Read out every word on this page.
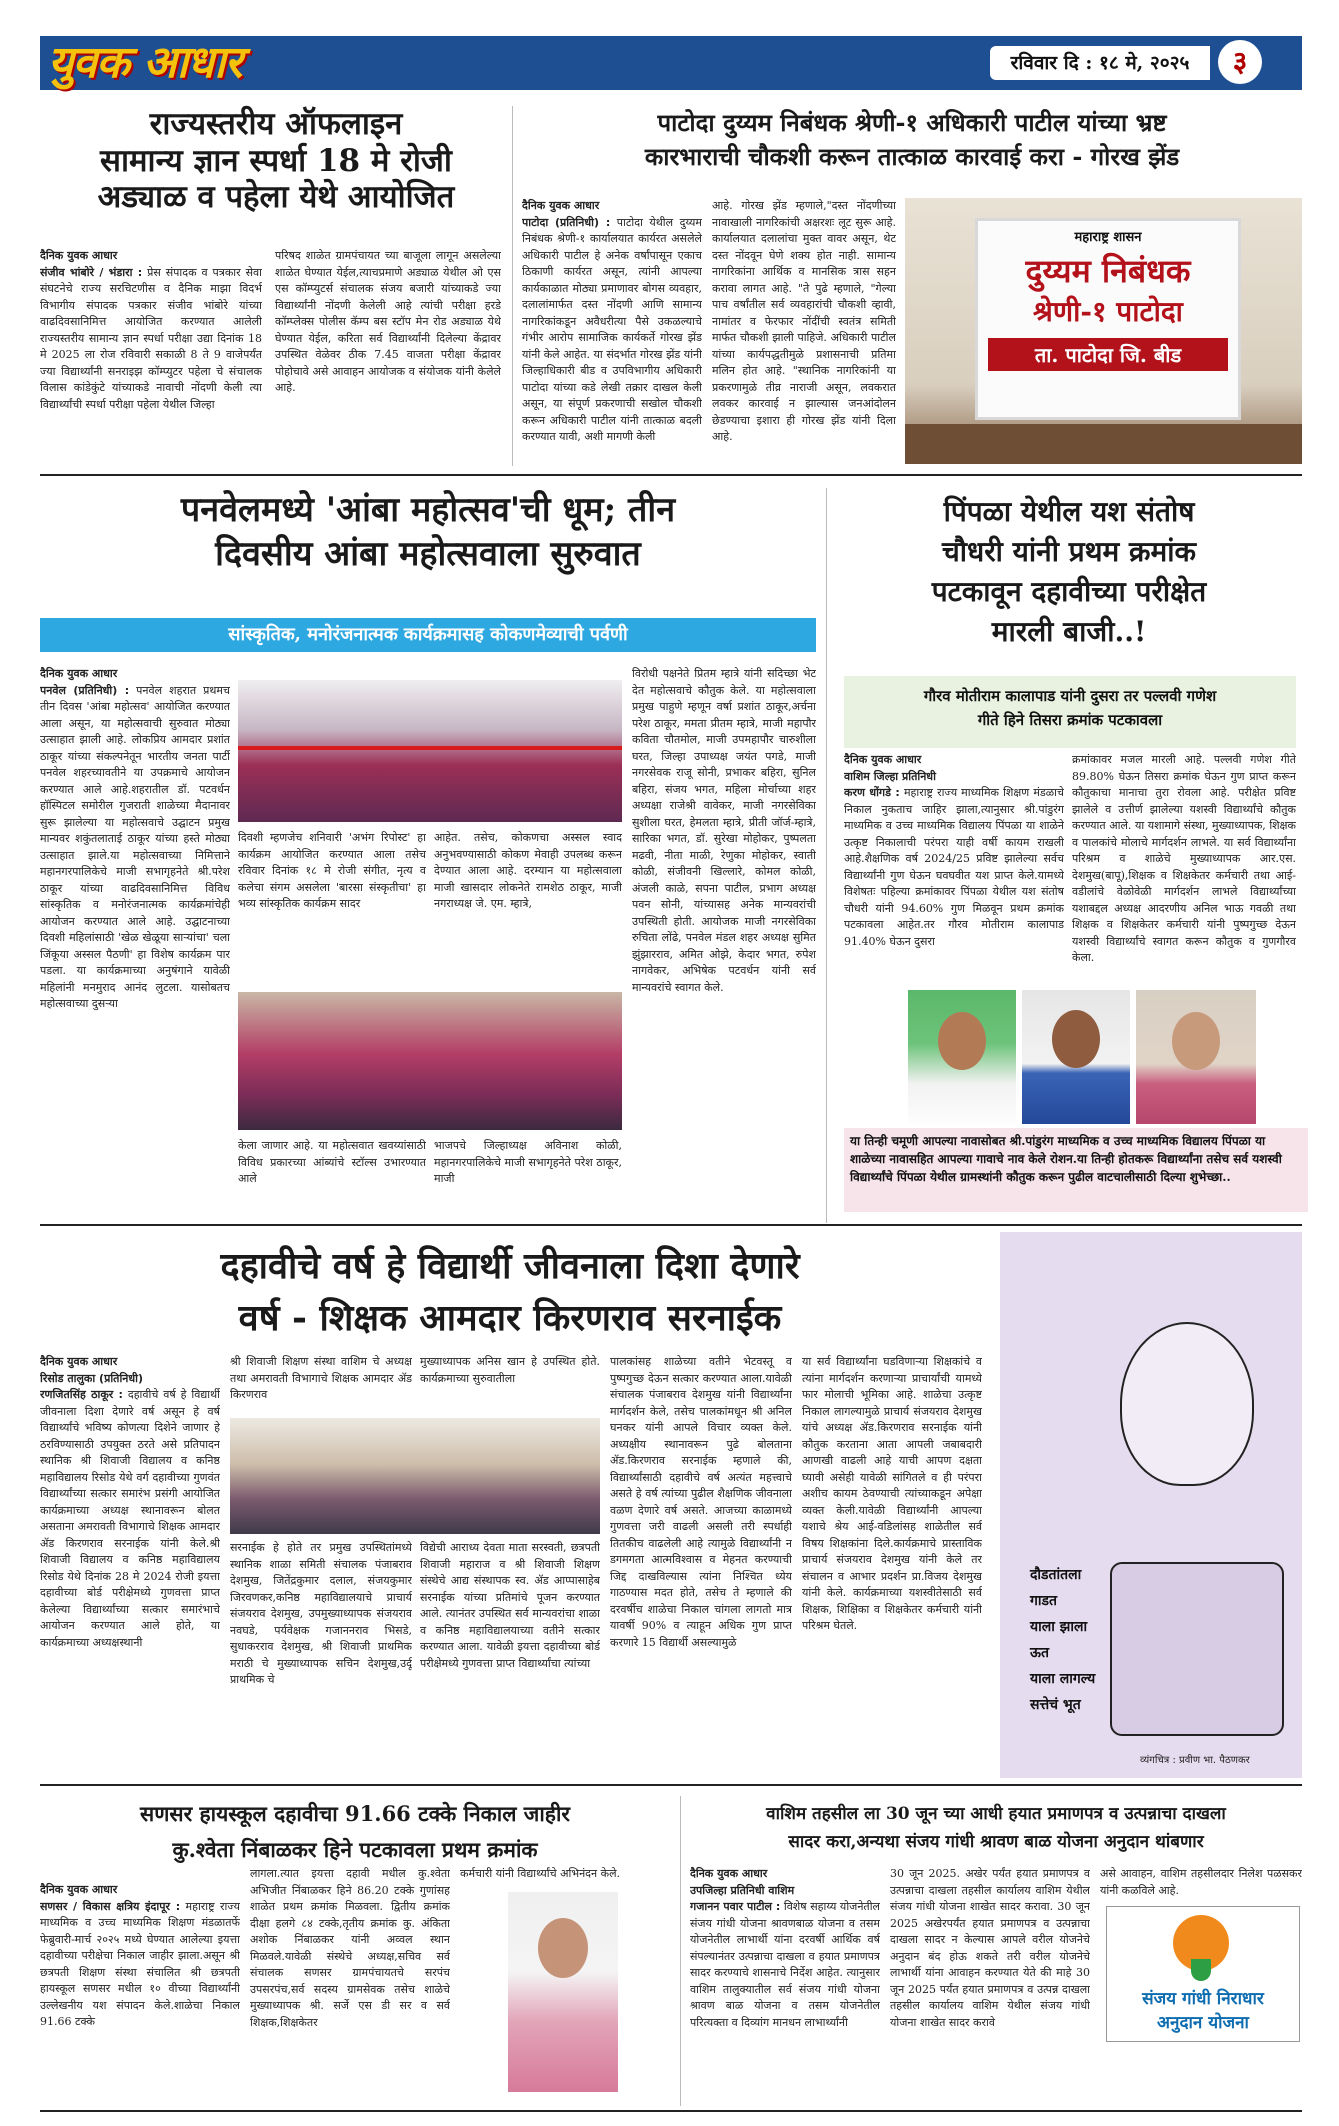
युवक आधार	रविवार दि : १८ मे, २०२५	३
राज्यस्तरीय ऑफलाइन
सामान्य ज्ञान स्पर्धा 18 मे रोजी
अड्याळ व पहेला येथे आयोजित
दैनिक युवक आधार
संजीव भांबोरे / भंडारा : प्रेस संपादक व पत्रकार सेवा संघटनेचे राज्य सरचिटणीस व दैनिक माझा विदर्भ विभागीय संपादक पत्रकार संजीव भांबोरे यांच्या वाढदिवसानिमित्त आयोजित करण्यात आलेली राज्यस्तरीय सामान्य ज्ञान स्पर्धा परीक्षा उद्या दिनांक 18 मे 2025 ला रोज रविवारी सकाळी 8 ते 9 वाजेपर्यंत ज्या विद्यार्थ्यांनी सनराइझ कॉम्प्युटर पहेला चे संचालक विलास कांडेकुंटे यांच्याकडे नावाची नोंदणी केली त्या विद्यार्थ्यांची स्पर्धा परीक्षा पहेला येथील जिल्हा
परिषद शाळेत ग्रामपंचायत च्या बाजूला लागून असलेल्या शाळेत घेण्यात येईल,त्याचप्रमाणे अड्याळ येथील ओ एस एस कॉम्प्युटर्स संचालक संजय बजारी यांच्याकडे ज्या विद्यार्थ्यांनी नोंदणी केलेली आहे त्यांची परीक्षा हरडे कॉम्प्लेक्स पोलीस कॅम्प बस स्टॉप मेन रोड अड्याळ येथे घेण्यात येईल, करिता सर्व विद्यार्थ्यांनी दिलेल्या केंद्रावर उपस्थित वेळेवर ठीक 7.45 वाजता परीक्षा केंद्रावर पोहोचावे असे आवाहन आयोजक व संयोजक यांनी केलेले आहे.
पाटोदा दुय्यम निबंधक श्रेणी-१ अधिकारी पाटील यांच्या भ्रष्ट
कारभाराची चौकशी करून तात्काळ कारवाई करा - गोरख झेंड
दैनिक युवक आधार
पाटोदा (प्रतिनिधी) : पाटोदा येथील दुय्यम निबंधक श्रेणी-१ कार्यालयात कार्यरत असलेले अधिकारी पाटील हे अनेक वर्षांपासून एकाच ठिकाणी कार्यरत असून, त्यांनी आपल्या कार्यकाळात मोठ्या प्रमाणावर बोगस व्यवहार, दलालांमार्फत दस्त नोंदणी आणि सामान्य नागरिकांकडून अवैधरीत्या पैसे उकळल्याचे गंभीर आरोप सामाजिक कार्यकर्ते गोरख झेंड यांनी केले आहेत. या संदर्भात गोरख झेंड यांनी जिल्हाधिकारी बीड व उपविभागीय अधिकारी पाटोदा यांच्या कडे लेखी तक्रार दाखल केली असून, या संपूर्ण प्रकरणाची सखोल चौकशी करून अधिकारी पाटील यांनी तात्काळ बदली करण्यात यावी, अशी मागणी केली
आहे. गोरख झेंड म्हणाले,"दस्त नोंदणीच्या नावाखाली नागरिकांची अक्षरशः लूट सुरू आहे. कार्यालयात दलालांचा मुक्त वावर असून, थेट दस्त नोंदवून घेणे शक्य होत नाही. सामान्य नागरिकांना आर्थिक व मानसिक त्रास सहन करावा लागत आहे. "ते पुढे म्हणाले, "गेल्या पाच वर्षांतील सर्व व्यवहारांची चौकशी व्हावी, नामांतर व फेरफार नोंदींची स्वतंत्र समिती मार्फत चौकशी झाली पाहिजे. अधिकारी पाटील यांच्या कार्यपद्धतीमुळे प्रशासनाची प्रतिमा मलिन होत आहे. "स्थानिक नागरिकांनी या प्रकरणामुळे तीव्र नाराजी असून, लवकरात लवकर कारवाई न झाल्यास जनआंदोलन छेडण्याचा इशारा ही गोरख झेंड यांनी दिला आहे.
महाराष्ट्र शासन
दुय्यम निबंधक
श्रेणी-१ पाटोदा
ता. पाटोदा जि. बीड
पनवेलमध्ये 'आंबा महोत्सव'ची धूम; तीन
दिवसीय आंबा महोत्सवाला सुरुवात
सांस्कृतिक, मनोरंजनात्मक कार्यक्रमासह कोकणमेव्याची पर्वणी
दैनिक युवक आधार
पनवेल (प्रतिनिधी) : पनवेल शहरात प्रथमच तीन दिवस 'आंबा महोत्सव' आयोजित करण्यात आला असून, या महोत्सवाची सुरुवात मोठ्या उत्साहात झाली आहे. लोकप्रिय आमदार प्रशांत ठाकूर यांच्या संकल्पनेतून भारतीय जनता पार्टी पनवेल शहरच्यावतीने या उपक्रमाचे आयोजन करण्यात आले आहे.शहरातील डॉ. पटवर्धन हॉस्पिटल समोरील गुजराती शाळेच्या मैदानावर सुरू झालेल्या या महोत्सवाचे उद्घाटन प्रमुख मान्यवर शकुंतलाताई ठाकूर यांच्या हस्ते मोठ्या उत्साहात झाले.या महोत्सवाच्या निमित्ताने महानगरपालिकेचे माजी सभागृहनेते श्री.परेश ठाकूर यांच्या वाढदिवसानिमित्त विविध सांस्कृतिक व मनोरंजनात्मक कार्यक्रमांचेही आयोजन करण्यात आले आहे. उद्घाटनाच्या दिवशी महिलांसाठी 'खेळ खेळूया साऱ्यांचा' चला जिंकूया अस्सल पैठणी' हा विशेष कार्यक्रम पार पडला. या कार्यक्रमाच्या अनुषंगाने यावेळी महिलांनी मनमुराद आनंद लुटला. यासोबतच महोत्सवाच्या दुसऱ्या
दिवशी म्हणजेच शनिवारी 'अभंग रिपोस्ट' हा कार्यक्रम आयोजित करण्यात आला तसेच रविवार दिनांक १८ मे रोजी संगीत, नृत्य व कलेचा संगम असलेला 'बारसा संस्कृतीचा' हा भव्य सांस्कृतिक कार्यक्रम सादर
आहेत. तसेच, कोकणचा अस्सल स्वाद अनुभवण्यासाठी कोकण मेवाही उपलब्ध करून देण्यात आला आहे. दरम्यान या महोत्सवाला माजी खासदार लोकनेते रामशेठ ठाकूर, माजी नगराध्यक्ष जे. एम. म्हात्रे,
केला जाणार आहे. या महोत्सवात खवय्यांसाठी विविध प्रकारच्या आंब्यांचे स्टॉल्स उभारण्यात आले
भाजपचे जिल्हाध्यक्ष अविनाश कोळी, महानगरपालिकेचे माजी सभागृहनेते परेश ठाकूर, माजी
विरोधी पक्षनेते प्रितम म्हात्रे यांनी सदिच्छा भेट देत महोत्सवाचे कौतुक केले. या महोत्सवाला प्रमुख पाहुणे म्हणून वर्षा प्रशांत ठाकूर,अर्चना परेश ठाकूर, ममता प्रीतम म्हात्रे, माजी महापौर कविता चौतमोल, माजी उपमहापौर चारुशीला घरत, जिल्हा उपाध्यक्ष जयंत पगडे, माजी नगरसेवक राजू सोनी, प्रभाकर बहिरा, सुनिल बहिरा, संजय भगत, महिला मोर्चाच्या शहर अध्यक्षा राजेश्री वावेकर, माजी नगरसेविका सुशीला घरत, हेमलता म्हात्रे, प्रीती जॉर्ज-म्हात्रे, सारिका भगत, डॉ. सुरेखा मोहोकर, पुष्पलता मढवी, नीता माळी, रेणुका मोहोकर, स्वाती कोळी, संजीवनी खिल्लारे, कोमल कोळी, अंजली काळे, सपना पाटील, प्रभाग अध्यक्ष पवन सोनी, यांच्यासह अनेक मान्यवरांची उपस्थिती होती. आयोजक माजी नगरसेविका रुचिता लोंढे, पनवेल मंडल शहर अध्यक्ष सुमित झुंझारराव, अमित ओझे, केदार भगत, रुपेश नागवेकर, अभिषेक पटवर्धन यांनी सर्व मान्यवरांचे स्वागत केले.
पिंपळा येथील यश संतोष
चौधरी यांनी प्रथम क्रमांक
पटकावून दहावीच्या परीक्षेत
मारली बाजी..!
गौरव मोतीराम कालापाड यांनी दुसरा तर पल्लवी गणेश
गीते हिने तिसरा क्रमांक पटकावला
दैनिक युवक आधार
वाशिम जिल्हा प्रतिनिधी
करण धोंगडे : महाराष्ट्र राज्य माध्यमिक शिक्षण मंडळाचे निकाल नुकताच जाहिर झाला,त्यानुसार श्री.पांडुरंग माध्यमिक व उच्च माध्यमिक विद्यालय पिंपळा या शाळेने उत्कृष्ट निकालाची परंपरा याही वर्षी कायम राखली आहे.शैक्षणिक वर्ष 2024/25 प्रविष्ट झालेल्या सर्वच विद्यार्थ्यांनी गुण घेऊन घवघवीत यश प्राप्त केले.यामध्ये विशेषतः पहिल्या क्रमांकावर पिंपळा येथील यश संतोष चौधरी यांनी 94.60% गुण मिळवून प्रथम क्रमांक पटकावला आहेत.तर गौरव मोतीराम कालापाड 91.40% घेऊन दुसरा
क्रमांकावर मजल मारली आहे. पल्लवी गणेश गीते 89.80% घेऊन तिसरा क्रमांक घेऊन गुण प्राप्त करून कौतुकाचा मानाचा तुरा रोवला आहे. परीक्षेत प्रविष्ट झालेले व उत्तीर्ण झालेल्या यशस्वी विद्यार्थ्यांचे कौतुक करण्यात आले. या यशामागे संस्था, मुख्याध्यापक, शिक्षक व पालकांचे मोलाचे मार्गदर्शन लाभले. या सर्व विद्यार्थ्यांना परिश्रम व शाळेचे मुख्याध्यापक आर.एस. देशमुख(बापू),शिक्षक व शिक्षकेतर कर्मचारी तथा आई-वडीलांचे वेळोवेळी मार्गदर्शन लाभले विद्यार्थ्यांच्या यशाबद्दल अध्यक्ष आदरणीय अनिल भाऊ गवळी तथा शिक्षक व शिक्षकेतर कर्मचारी यांनी पुष्पगुच्छ देऊन यशस्वी विद्यार्थ्यांचे स्वागत करून कौतुक व गुणगौरव केला.
या तिन्ही चमूणी आपल्या नावासोबत श्री.पांडुरंग माध्यमिक व उच्च माध्यमिक विद्यालय पिंपळा या शाळेच्या नावासहित आपल्या गावाचे नाव केले रोशन.या तिन्ही होतकरू विद्यार्थ्यांना तसेच सर्व यशस्वी विद्यार्थ्यांचे पिंपळा येथील ग्रामस्थांनी कौतुक करून पुढील वाटचालीसाठी दिल्या शुभेच्छा..
दहावीचे वर्ष हे विद्यार्थी जीवनाला दिशा देणारे
वर्ष - शिक्षक आमदार किरणराव सरनाईक
दैनिक युवक आधार
रिसोड तालुका (प्रतिनिधी)
रणजितसिंह ठाकूर : दहावीचे वर्ष हे विद्यार्थी जीवनाला दिशा देणारे वर्ष असून हे वर्ष विद्यार्थ्यांचे भविष्य कोणत्या दिशेने जाणार हे ठरविण्यासाठी उपयुक्त ठरते असे प्रतिपादन स्थानिक श्री शिवाजी विद्यालय व कनिष्ठ महाविद्यालय रिसोड येथे वर्ग दहावीच्या गुणवंत विद्यार्थ्यांच्या सत्कार समारंभ प्रसंगी आयोजित कार्यक्रमाच्या अध्यक्ष स्थानावरून बोलत असताना अमरावती विभागाचे शिक्षक आमदार ॲड किरणराव सरनाईक यांनी केले.श्री शिवाजी विद्यालय व कनिष्ठ महाविद्यालय रिसोड येथे दिनांक 28 मे 2024 रोजी इयत्ता दहावीच्या बोर्ड परीक्षेमध्ये गुणवत्ता प्राप्त केलेल्या विद्यार्थ्यांच्या सत्कार समारंभाचे आयोजन करण्यात आले होते, या कार्यक्रमाच्या अध्यक्षस्थानी
श्री शिवाजी शिक्षण संस्था वाशिम चे अध्यक्ष तथा अमरावती विभागाचे शिक्षक आमदार ॲड किरणराव
मुख्याध्यापक अनिस खान हे उपस्थित होते. कार्यक्रमाच्या सुरुवातीला
सरनाईक हे होते तर प्रमुख उपस्थितांमध्ये स्थानिक शाळा समिती संचालक पंजाबराव देशमुख, जितेंद्रकुमार दलाल, संजयकुमार जिरवणकर,कनिष्ठ महाविद्यालयाचे प्राचार्य संजयराव देशमुख, उपमुख्याध्यापक संजयराव नवघडे, पर्यवेक्षक गजाननराव भिसडे, सुधाकरराव देशमुख, श्री शिवाजी प्राथमिक मराठी चे मुख्याध्यापक सचिन देशमुख,उर्दू प्राथमिक चे
विद्येची आराध्य देवता माता सरस्वती, छत्रपती शिवाजी महाराज व श्री शिवाजी शिक्षण संस्थेचे आद्य संस्थापक स्व. ॲड आप्पासाहेब सरनाईक यांच्या प्रतिमांचे पूजन करण्यात आले. त्यानंतर उपस्थित सर्व मान्यवरांचा शाळा व कनिष्ठ महाविद्यालयाच्या वतीने सत्कार करण्यात आला. यावेळी इयत्ता दहावीच्या बोर्ड परीक्षेमध्ये गुणवत्ता प्राप्त विद्यार्थ्यांचा त्यांच्या
पालकांसह शाळेच्या वतीने भेटवस्तू व पुष्पगुच्छ देऊन सत्कार करण्यात आला.यावेळी संचालक पंजाबराव देशमुख यांनी विद्यार्थ्यांना मार्गदर्शन केले, तसेच पालकांमधून श्री अनिल घनकर यांनी आपले विचार व्यक्त केले. अध्यक्षीय स्थानावरून पुढे बोलताना ॲड.किरणराव सरनाईक म्हणाले की, विद्यार्थ्यांसाठी दहावीचे वर्ष अत्यंत महत्त्वाचे असते हे वर्ष त्यांच्या पुढील शैक्षणिक जीवनाला वळण देणारे वर्ष असते. आजच्या काळामध्ये गुणवत्ता जरी वाढली असली तरी स्पर्धाही तितकीच वाढलेली आहे त्यामुळे विद्यार्थ्यांनी न डगमगता आत्मविश्वास व मेहनत करण्याची जिद्द दाखविल्यास त्यांना निश्चित ध्येय गाठण्यास मदत होते, तसेच ते म्हणाले की दरवर्षीच शाळेचा निकाल चांगला लागतो मात्र यावर्षी 90% व त्याहून अधिक गुण प्राप्त करणारे 15 विद्यार्थी असल्यामुळे
या सर्व विद्यार्थ्यांना घडविणाऱ्या शिक्षकांचे व त्यांना मार्गदर्शन करणाऱ्या प्राचार्यांची यामध्ये फार मोलाची भूमिका आहे. शाळेचा उत्कृष्ट निकाल लागल्यामुळे प्राचार्य संजयराव देशमुख यांचे अध्यक्ष ॲड.किरणराव सरनाईक यांनी कौतुक करताना आता आपली जबाबदारी आणखी वाढली आहे याची आपण दक्षता घ्यावी असेही यावेळी सांगितले व ही परंपरा अशीच कायम ठेवण्याची त्यांच्याकडून अपेक्षा व्यक्त केली.यावेळी विद्यार्थ्यांनी आपल्या यशाचे श्रेय आई-वडिलांसह शाळेतील सर्व विषय शिक्षकांना दिले.कार्यक्रमाचे प्रास्ताविक प्राचार्य संजयराव देशमुख यांनी केले तर संचालन व आभार प्रदर्शन प्रा.विजय देशमुख यांनी केले. कार्यक्रमाच्या यशस्वीतेसाठी सर्व शिक्षक, शिक्षिका व शिक्षकेतर कर्मचारी यांनी परिश्रम घेतले.
दौडतांतला
गाडत
याला झाला
ऊत
याला लागल्य
सत्तेचं भूत
व्यंगचित्र : प्रवीण भा. पैठणकर
सणसर हायस्कूल दहावीचा 91.66 टक्के निकाल जाहीर
कु.श्वेता निंबाळकर हिने पटकावला प्रथम क्रमांक
दैनिक युवक आधार
सणसर / विकास क्षत्रिय इंदापूर : महाराष्ट्र राज्य माध्यमिक व उच्च माध्यमिक शिक्षण मंडळातर्फे फेब्रुवारी-मार्च २०२५ मध्ये घेण्यात आलेल्या इयत्ता दहावीच्या परीक्षेचा निकाल जाहीर झाला.असून श्री छत्रपती शिक्षण संस्था संचालित श्री छत्रपती हायस्कूल सणसर मधील १० वीच्या विद्यार्थ्यांनी उल्लेखनीय यश संपादन केले.शाळेचा निकाल 91.66 टक्के
लागला.त्यात इयत्ता दहावी मधील कु.श्वेता अभिजीत निंबाळकर हिने 86.20 टक्के गुणांसह शाळेत प्रथम क्रमांक मिळवला. द्वितीय क्रमांक दीक्षा हलगे ८४ टक्के,तृतीय क्रमांक कु. अंकिता अशोक निंबाळकर यांनी अव्वल स्थान मिळवले.यावेळी संस्थेचे अध्यक्ष,सचिव सर्व संचालक सणसर ग्रामपंचायतचे सरपंच उपसरपंच,सर्व सदस्य ग्रामसेवक तसेच शाळेचे मुख्याध्यापक श्री. सर्जे एस डी सर व सर्व शिक्षक,शिक्षकेतर
कर्मचारी यांनी विद्यार्थ्यांचे अभिनंदन केले.
वाशिम तहसील ला 30 जून च्या आधी हयात प्रमाणपत्र व उत्पन्नाचा दाखला
सादर करा,अन्यथा संजय गांधी श्रावण बाळ योजना अनुदान थांबणार
दैनिक युवक आधार
उपजिल्हा प्रतिनिधी वाशिम
गजानन पवार पाटील : विशेष सहाय्य योजनेतील संजय गांधी योजना श्रावणबाळ योजना व तसम योजनेतील लाभार्थी यांना दरवर्षी आर्थिक वर्ष संपल्यानंतर उत्पन्नाचा दाखला व हयात प्रमाणपत्र सादर करण्याचे शासनाचे निर्देश आहेत. त्यानुसार वाशिम तालुक्यातील सर्व संजय गांधी योजना श्रावण बाळ योजना व तसम योजनेतील परित्यक्ता व दिव्यांग मानधन लाभार्थ्यांनी
30 जून 2025. अखेर पर्यंत हयात प्रमाणपत्र व उत्पन्नाचा दाखला तहसील कार्यालय वाशिम येथील संजय गांधी योजना शाखेत सादर करावा. 30 जून 2025 अखेरपर्यंत हयात प्रमाणपत्र व उत्पन्नाचा दाखला सादर न केल्यास आपले वरील योजनेचे अनुदान बंद होऊ शकते तरी वरील योजनेचे लाभार्थी यांना आवाहन करण्यात येते की माहे 30 जून 2025 पर्यंत हयात प्रमाणपत्र व उत्पन्न दाखला तहसील कार्यालय वाशिम येथील संजय गांधी योजना शाखेत सादर करावे
असे आवाहन, वाशिम तहसीलदार निलेश पळसकर यांनी कळविले आहे.
संजय गांधी निराधार
अनुदान योजना
